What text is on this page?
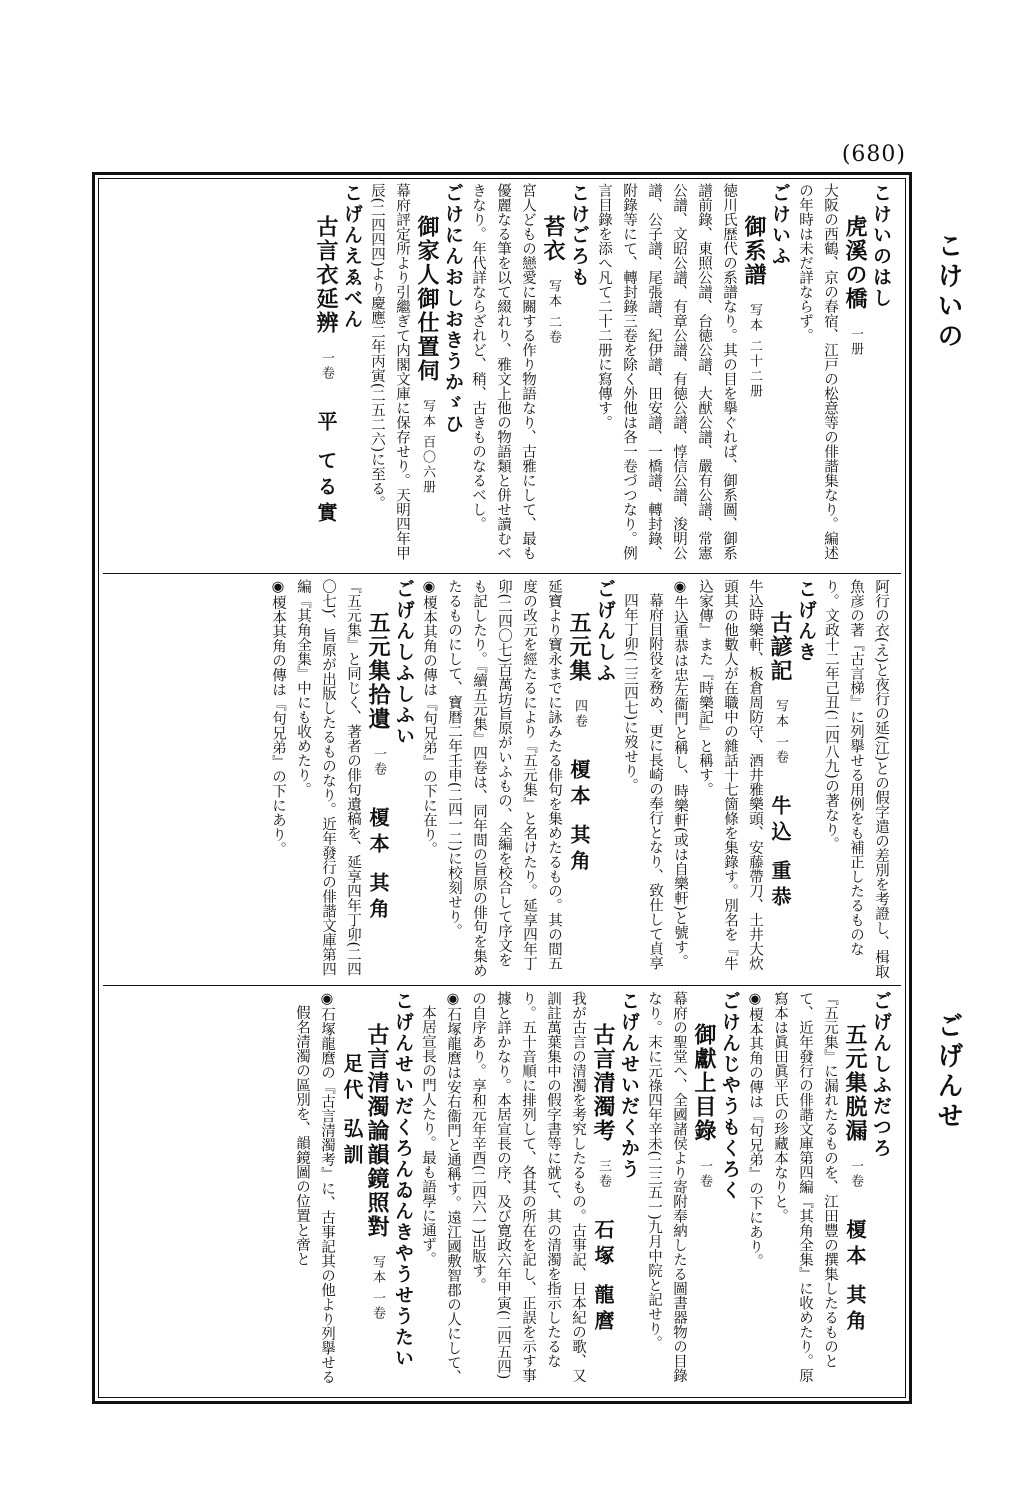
(680)
こけいの
ごげんせ

こけいのはし

虎溪の橋一册

大阪の西鶴、京の春宿、江戸の松意等の俳諧集なり。編述の年時は未だ詳ならず。

ごけいふ

御系譜写本 二十二册

徳川氏歴代の系譜なり。其の目を擧ぐれば、御系圖、御系譜前錄、東照公譜、台徳公譜、大猷公譜、嚴有公譜、常憲公譜、文昭公譜、有章公譜、有徳公譜、惇信公譜、浚明公譜、公子譜、尾張譜、紀伊譜、田安譜、一橋譜、轉封錄、附錄等にて、轉封錄三卷を除く外他は各一卷づつなり。例言目錄を添へ凡て二十二册に寫傳す。

こけごろも

苔衣写本 二卷

宮人どもの戀愛に關する作り物語なり、古雅にして、最も優麗なる筆を以て綴れり、雅文上他の物語類と併せ讀むべきなり。年代詳ならざれど、稍、古きものなるべし。

ごけにんおしおきうかゞひ

御家人御仕置伺写本 百〇六册

幕府評定所より引繼ぎて内閣文庫に保存せり。天明四年甲辰(二四四四)より慶應二年丙寅(二五二六)に至る。

こげんえゑべん

古言衣延辨一卷平 てる實

阿行の衣(え)と夜行の延(江)との假字遣の差別を考證し、楫取魚彦の著『古言梯』に列擧せる用例をも補正したるものなり。文政十二年己丑(二四八九)の著なり。

こげんき

古諺記写本 一卷牛込 重恭

牛込時樂軒、板倉周防守、酒井雅樂頭、安藤帶刀、土井大炊頭其の他數人が在職中の雜話十七箇條を集錄す。別名を『牛込家傳』また『時樂記』と稱す。

◉牛込重恭は忠左衞門と稱し、時樂軒(或は自樂軒)と號す。幕府目附役を務め、更に長崎の奉行となり、致仕して貞享四年丁卯(二三四七)に歿せり。

ごげんしふ

五元集四卷榎本 其角

延寶より寶永までに詠みたる俳句を集めたるもの。其の間五度の改元を經たるにより『五元集』と名けたり。延享四年丁卯(二四〇七)百萬坊旨原がいふもの、全編を校合して序文をも記したり。『續五元集』四卷は、同年間の旨原の俳句を集めたるものにして、寶暦二年壬申(二四一二)に校刻せり。

◉榎本其角の傳は『句兄弟』の下に在り。

ごげんしふしふい

五元集拾遺一卷榎本 其角

『五元集』と同じく、著者の俳句遺稿を、延享四年丁卯(二四〇七)、旨原が出版したるものなり。近年發行の俳諧文庫第四編『其角全集』中にも收めたり。

◉榎本其角の傳は『句兄弟』の下にあり。

ごげんしふだつろ

五元集脱漏一卷榎本 其角

『五元集』に漏れたるものを、江田豐の撰集したるものとて、近年發行の俳諧文庫第四編『其角全集』に收めたり。原寫本は眞田眞平氏の珍藏本なりと。

◉榎本其角の傳は『句兄弟』の下にあり。

ごけんじやうもくろく

御獻上目錄一卷

幕府の聖堂へ、全國諸侯より寄附奉納したる圖書器物の目錄なり。末に元祿四年辛未(二三五一)九月中院と記せり。

こげんせいだくかう

古言清濁考三卷石塚 龍麿

我が古言の清濁を考究したるもの。古事記、日本紀の歌、又訓註萬葉集中の假字書等に就て、其の清濁を指示したるなり。五十音順に排列して、各其の所在を記し、正誤を示す事據と詳かなり。本居宣長の序、及び寛政六年甲寅(二四五四)の自序あり。享和元年辛酉(二四六一)出版す。

◉石塚龍麿は安右衞門と通稱す。遠江國敷智郡の人にして、本居宣長の門人たり。最も語學に通ず。

こげんせいだくろんゐんきやうせうたい

古言清濁論韻鏡照對写本 一卷足代 弘訓

◉石塚龍麿の『古言清濁考』に、古事記其の他より列擧せる假名清濁の區別を、韻鏡圖の位置と啻と
